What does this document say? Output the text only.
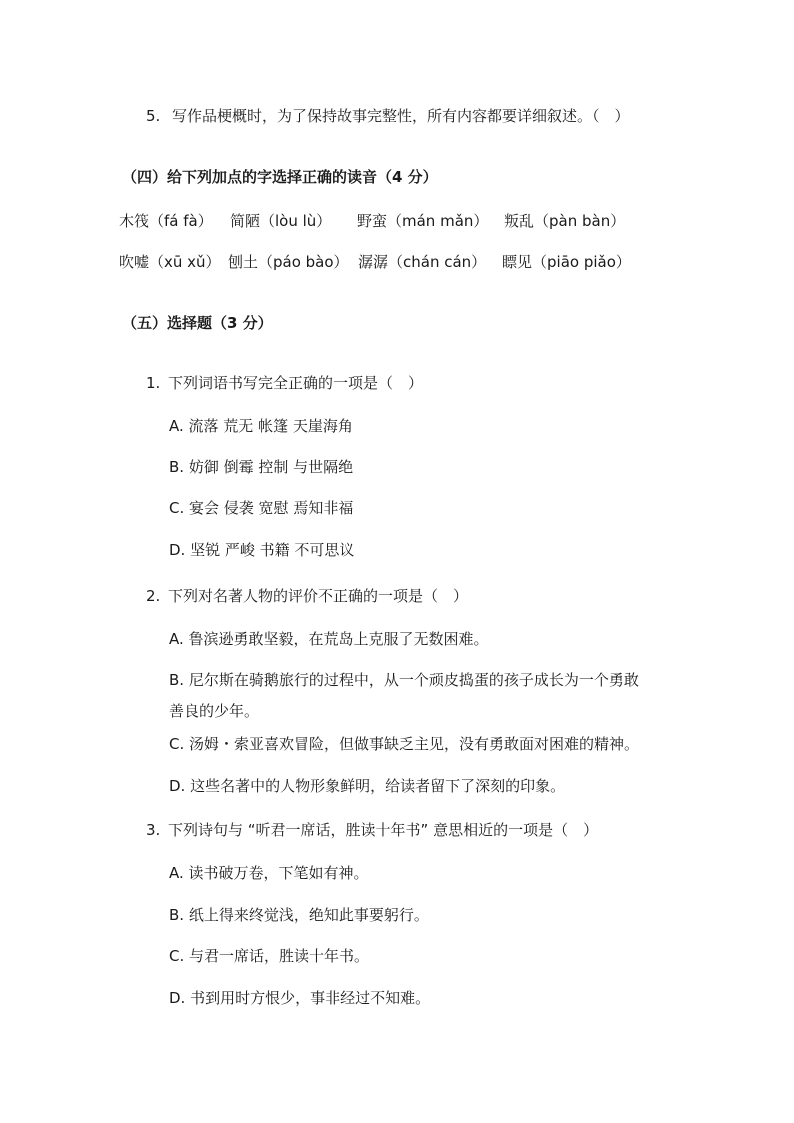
5. 写作品梗概时，为了保持故事完整性，所有内容都要详细叙述。（　）
（四）给下列加点的字选择正确的读音（4 分）
木筏（fá fà） 简陋（lòu lù） 野蛮（mán mǎn） 叛乱（pàn bàn）
吹嘘（xū xǔ） 刨土（páo bào） 潺潺（chán cán） 瞟见（piāo piǎo）
（五）选择题（3 分）
1. 下列词语书写完全正确的一项是（　）
A. 流落 荒无 帐篷 天崖海角
B. 妨御 倒霉 控制 与世隔绝
C. 宴会 侵袭 宽慰 焉知非福
D. 坚锐 严峻 书籍 不可思议
2. 下列对名著人物的评价不正确的一项是（　）
A. 鲁滨逊勇敢坚毅，在荒岛上克服了无数困难。
B. 尼尔斯在骑鹅旅行的过程中，从一个顽皮捣蛋的孩子成长为一个勇敢
善良的少年。
C. 汤姆・索亚喜欢冒险，但做事缺乏主见，没有勇敢面对困难的精神。
D. 这些名著中的人物形象鲜明，给读者留下了深刻的印象。
3. 下列诗句与 “听君一席话，胜读十年书” 意思相近的一项是（　）
A. 读书破万卷，下笔如有神。
B. 纸上得来终觉浅，绝知此事要躬行。
C. 与君一席话，胜读十年书。
D. 书到用时方恨少，事非经过不知难。
